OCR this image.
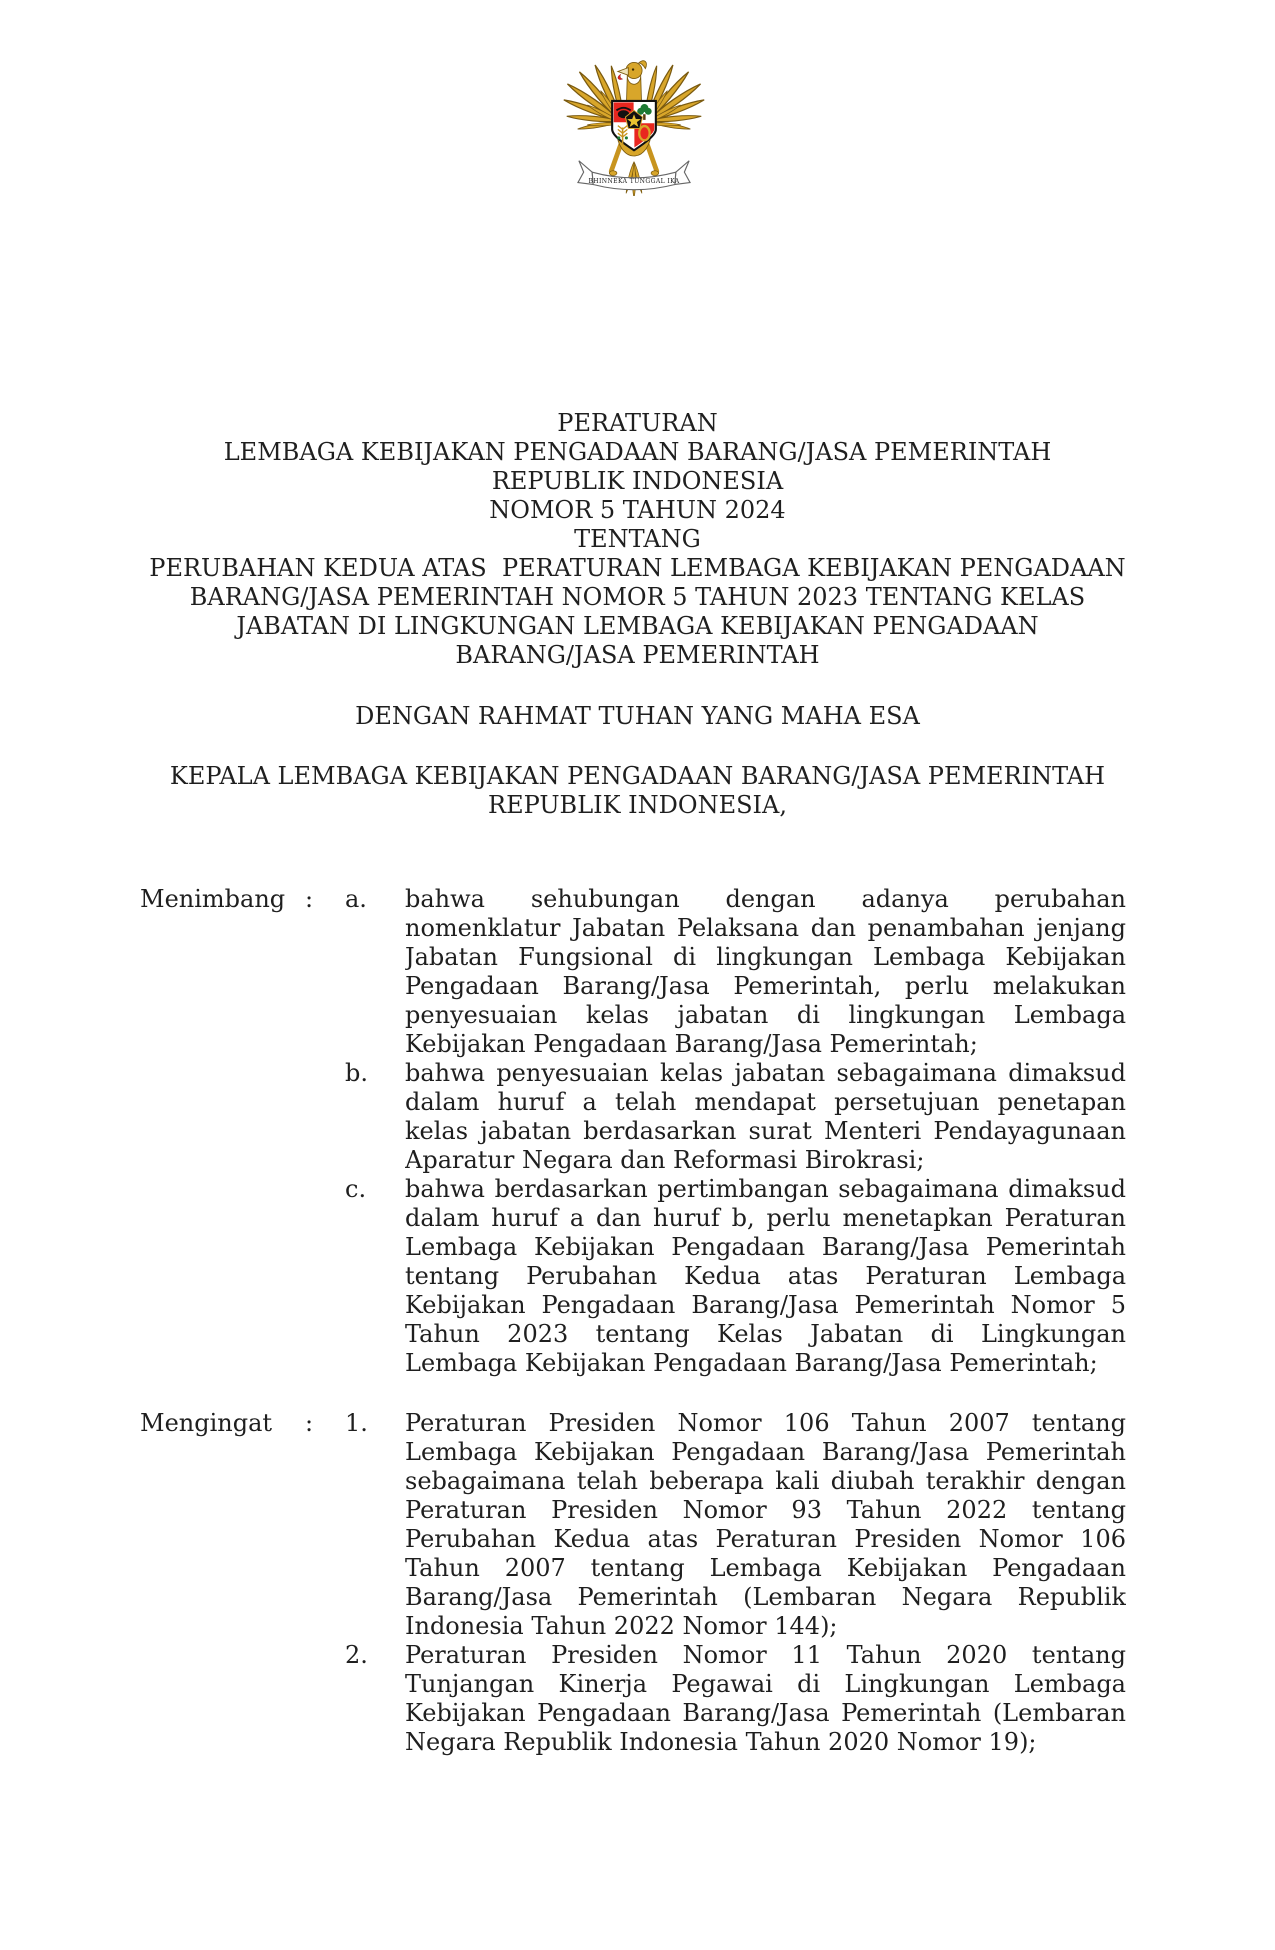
BHINNEKA TUNGGAL IKA
PERATURAN
LEMBAGA KEBIJAKAN PENGADAAN BARANG/JASA PEMERINTAH
REPUBLIK INDONESIA
NOMOR 5 TAHUN 2024
TENTANG
PERUBAHAN KEDUA ATAS  PERATURAN LEMBAGA KEBIJAKAN PENGADAAN
BARANG/JASA PEMERINTAH NOMOR 5 TAHUN 2023 TENTANG KELAS
JABATAN DI LINGKUNGAN LEMBAGA KEBIJAKAN PENGADAAN
BARANG/JASA PEMERINTAH
DENGAN RAHMAT TUHAN YANG MAHA ESA
KEPALA LEMBAGA KEBIJAKAN PENGADAAN BARANG/JASA PEMERINTAH
REPUBLIK INDONESIA,
Menimbang :	a.	bahwa sehubungan dengan adanya perubahan
nomenklatur Jabatan Pelaksana dan penambahan jenjang
Jabatan Fungsional di lingkungan Lembaga Kebijakan
Pengadaan Barang/Jasa Pemerintah, perlu melakukan
penyesuaian kelas jabatan di lingkungan Lembaga
Kebijakan Pengadaan Barang/Jasa Pemerintah;
b.	bahwa penyesuaian kelas jabatan sebagaimana dimaksud
dalam huruf a telah mendapat persetujuan penetapan
kelas jabatan berdasarkan surat Menteri Pendayagunaan
Aparatur Negara dan Reformasi Birokrasi;
c.	bahwa berdasarkan pertimbangan sebagaimana dimaksud
dalam huruf a dan huruf b, perlu menetapkan Peraturan
Lembaga Kebijakan Pengadaan Barang/Jasa Pemerintah
tentang Perubahan Kedua atas Peraturan Lembaga
Kebijakan Pengadaan Barang/Jasa Pemerintah Nomor 5
Tahun 2023 tentang Kelas Jabatan di Lingkungan
Lembaga Kebijakan Pengadaan Barang/Jasa Pemerintah;
Mengingat	:	1.	Peraturan Presiden Nomor 106 Tahun 2007 tentang
Lembaga Kebijakan Pengadaan Barang/Jasa Pemerintah
sebagaimana telah beberapa kali diubah terakhir dengan
Peraturan Presiden Nomor 93 Tahun 2022 tentang
Perubahan Kedua atas Peraturan Presiden Nomor 106
Tahun 2007 tentang Lembaga Kebijakan Pengadaan
Barang/Jasa Pemerintah (Lembaran Negara Republik
Indonesia Tahun 2022 Nomor 144);
2.	Peraturan Presiden Nomor 11 Tahun 2020 tentang
Tunjangan Kinerja Pegawai di Lingkungan Lembaga
Kebijakan Pengadaan Barang/Jasa Pemerintah (Lembaran
Negara Republik Indonesia Tahun 2020 Nomor 19);
